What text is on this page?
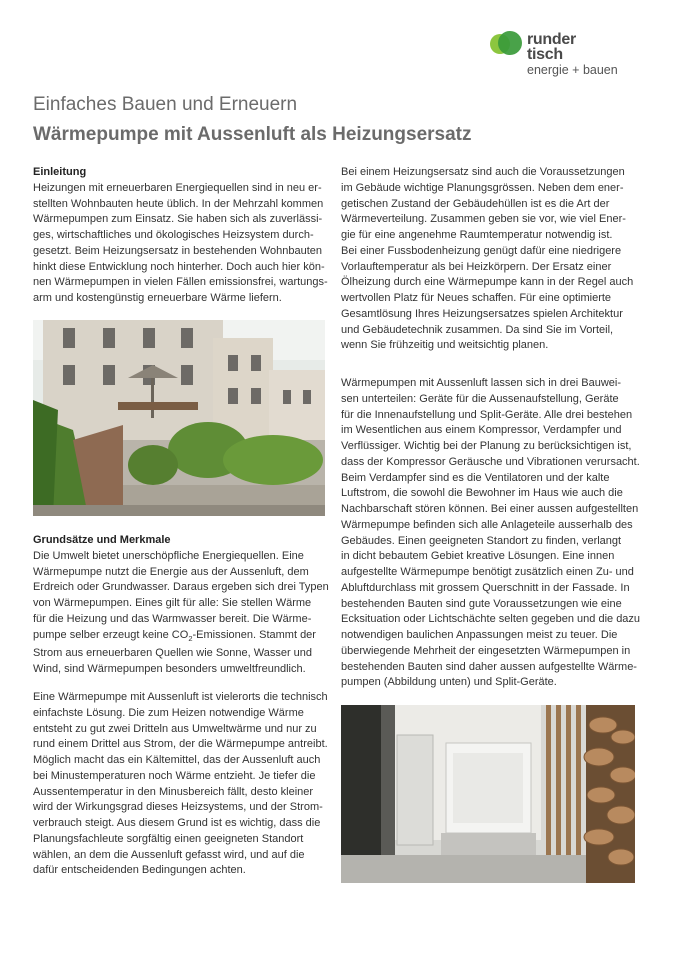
runder
tisch
energie + bauen
Einfaches Bauen und Erneuern
Wärmepumpe mit Aussenluft als Heizungsersatz
Einleitung
Heizungen mit erneuerbaren Energiequellen sind in neu er-
stellten Wohnbauten heute üblich. In der Mehrzahl kommen
Wärmepumpen zum Einsatz. Sie haben sich als zuverlässi-
ges, wirtschaftliches und ökologisches Heizsystem durch-
gesetzt. Beim Heizungsersatz in bestehenden Wohnbauten
hinkt diese Entwicklung noch hinterher. Doch auch hier kön-
nen Wärmepumpen in vielen Fällen emissionsfrei, wartungs-
arm und kostengünstig erneuerbare Wärme liefern.
Grundsätze und Merkmale
Die Umwelt bietet unerschöpfliche Energiequellen. Eine
Wärmepumpe nutzt die Energie aus der Aussenluft, dem
Erdreich oder Grundwasser. Daraus ergeben sich drei Typen
von Wärmepumpen. Eines gilt für alle: Sie stellen Wärme
für die Heizung und das Warmwasser bereit. Die Wärme-
pumpe selber erzeugt keine $CO_2$-Emissionen. Stammt der
Strom aus erneuerbaren Quellen wie Sonne, Wasser und
Wind, sind Wärmepumpen besonders umweltfreundlich.
Eine Wärmepumpe mit Aussenluft ist vielerorts die technisch
einfachste Lösung. Die zum Heizen notwendige Wärme
entsteht zu gut zwei Dritteln aus Umweltwärme und nur zu
rund einem Drittel aus Strom, der die Wärmepumpe antreibt.
Möglich macht das ein Kältemittel, das der Aussenluft auch
bei Minustemperaturen noch Wärme entzieht. Je tiefer die
Aussentemperatur in den Minusbereich fällt, desto kleiner
wird der Wirkungsgrad dieses Heizsystems, und der Strom-
verbrauch steigt. Aus diesem Grund ist es wichtig, dass die
Planungsfachleute sorgfältig einen geeigneten Standort
wählen, an dem die Aussenluft gefasst wird, und auf die
dafür entscheidenden Bedingungen achten.
Bei einem Heizungsersatz sind auch die Voraussetzungen
im Gebäude wichtige Planungsgrössen. Neben dem ener-
getischen Zustand der Gebäudehüllen ist es die Art der
Wärmeverteilung. Zusammen geben sie vor, wie viel Ener-
gie für eine angenehme Raumtemperatur notwendig ist.
Bei einer Fussbodenheizung genügt dafür eine niedrigere
Vorlauftemperatur als bei Heizkörpern. Der Ersatz einer
Ölheizung durch eine Wärmepumpe kann in der Regel auch
wertvollen Platz für Neues schaffen. Für eine optimierte
Gesamtlösung Ihres Heizungsersatzes spielen Architektur
und Gebäudetechnik zusammen. Da sind Sie im Vorteil,
wenn Sie frühzeitig und weitsichtig planen.
Wärmepumpen mit Aussenluft lassen sich in drei Bauwei-
sen unterteilen: Geräte für die Aussenaufstellung, Geräte
für die Innenaufstellung und Split-Geräte. Alle drei bestehen
im Wesentlichen aus einem Kompressor, Verdampfer und
Verflüssiger. Wichtig bei der Planung zu berücksichtigen ist,
dass der Kompressor Geräusche und Vibrationen verursacht.
Beim Verdampfer sind es die Ventilatoren und der kalte
Luftstrom, die sowohl die Bewohner im Haus wie auch die
Nachbarschaft stören können. Bei einer aussen aufgestellten
Wärmepumpe befinden sich alle Anlageteile ausserhalb des
Gebäudes. Einen geeigneten Standort zu finden, verlangt
in dicht bebautem Gebiet kreative Lösungen. Eine innen
aufgestellte Wärmepumpe benötigt zusätzlich einen Zu- und
Abluftdurchlass mit grossem Querschnitt in der Fassade. In
bestehenden Bauten sind gute Voraussetzungen wie eine
Ecksituation oder Lichtschächte selten gegeben und die dazu
notwendigen baulichen Anpassungen meist zu teuer. Die
überwiegende Mehrheit der eingesetzten Wärmepumpen in
bestehenden Bauten sind daher aussen aufgestellte Wärme-
pumpen (Abbildung unten) und Split-Geräte.
